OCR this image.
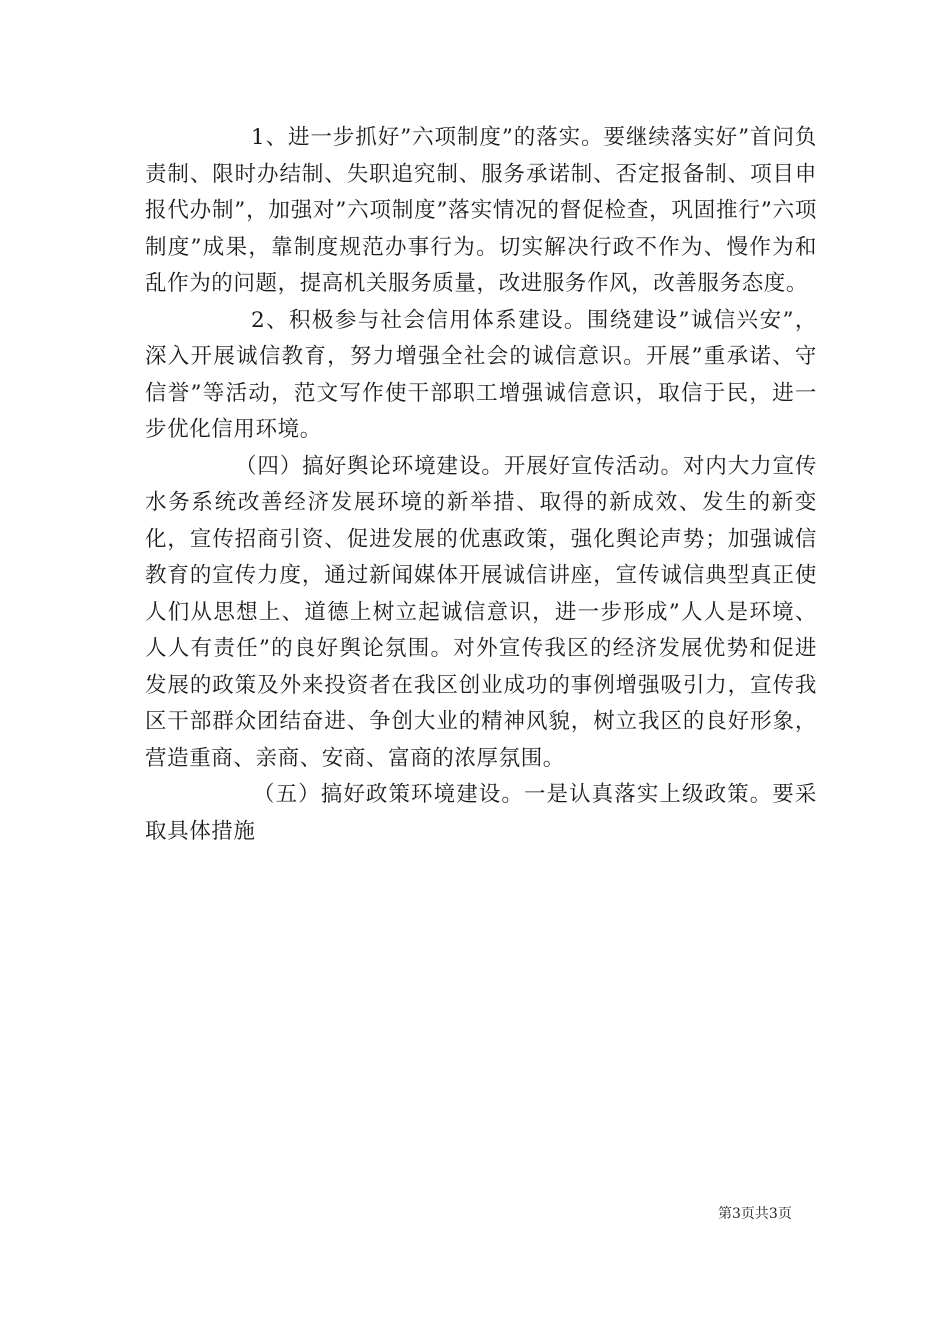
1、进一步抓好”六项制度”的落实。要继续落实好”首问负责制、限时办结制、失职追究制、服务承诺制、否定报备制、项目申报代办制”，加强对”六项制度”落实情况的督促检查，巩固推行”六项制度”成果，靠制度规范办事行为。切实解决行政不作为、慢作为和乱作为的问题，提高机关服务质量，改进服务作风，改善服务态度。

2、积极参与社会信用体系建设。围绕建设”诚信兴安”，深入开展诚信教育，努力增强全社会的诚信意识。开展”重承诺、守信誉”等活动，范文写作使干部职工增强诚信意识，取信于民，进一步优化信用环境。

（四）搞好舆论环境建设。开展好宣传活动。对内大力宣传水务系统改善经济发展环境的新举措、取得的新成效、发生的新变化，宣传招商引资、促进发展的优惠政策，强化舆论声势；加强诚信教育的宣传力度，通过新闻媒体开展诚信讲座，宣传诚信典型真正使人们从思想上、道德上树立起诚信意识，进一步形成”人人是环境、人人有责任”的良好舆论氛围。对外宣传我区的经济发展优势和促进发展的政策及外来投资者在我区创业成功的事例增强吸引力，宣传我区干部群众团结奋进、争创大业的精神风貌，树立我区的良好形象，营造重商、亲商、安商、富商的浓厚氛围。

（五）搞好政策环境建设。一是认真落实上级政策。要采取具体措施

第3页共3页
